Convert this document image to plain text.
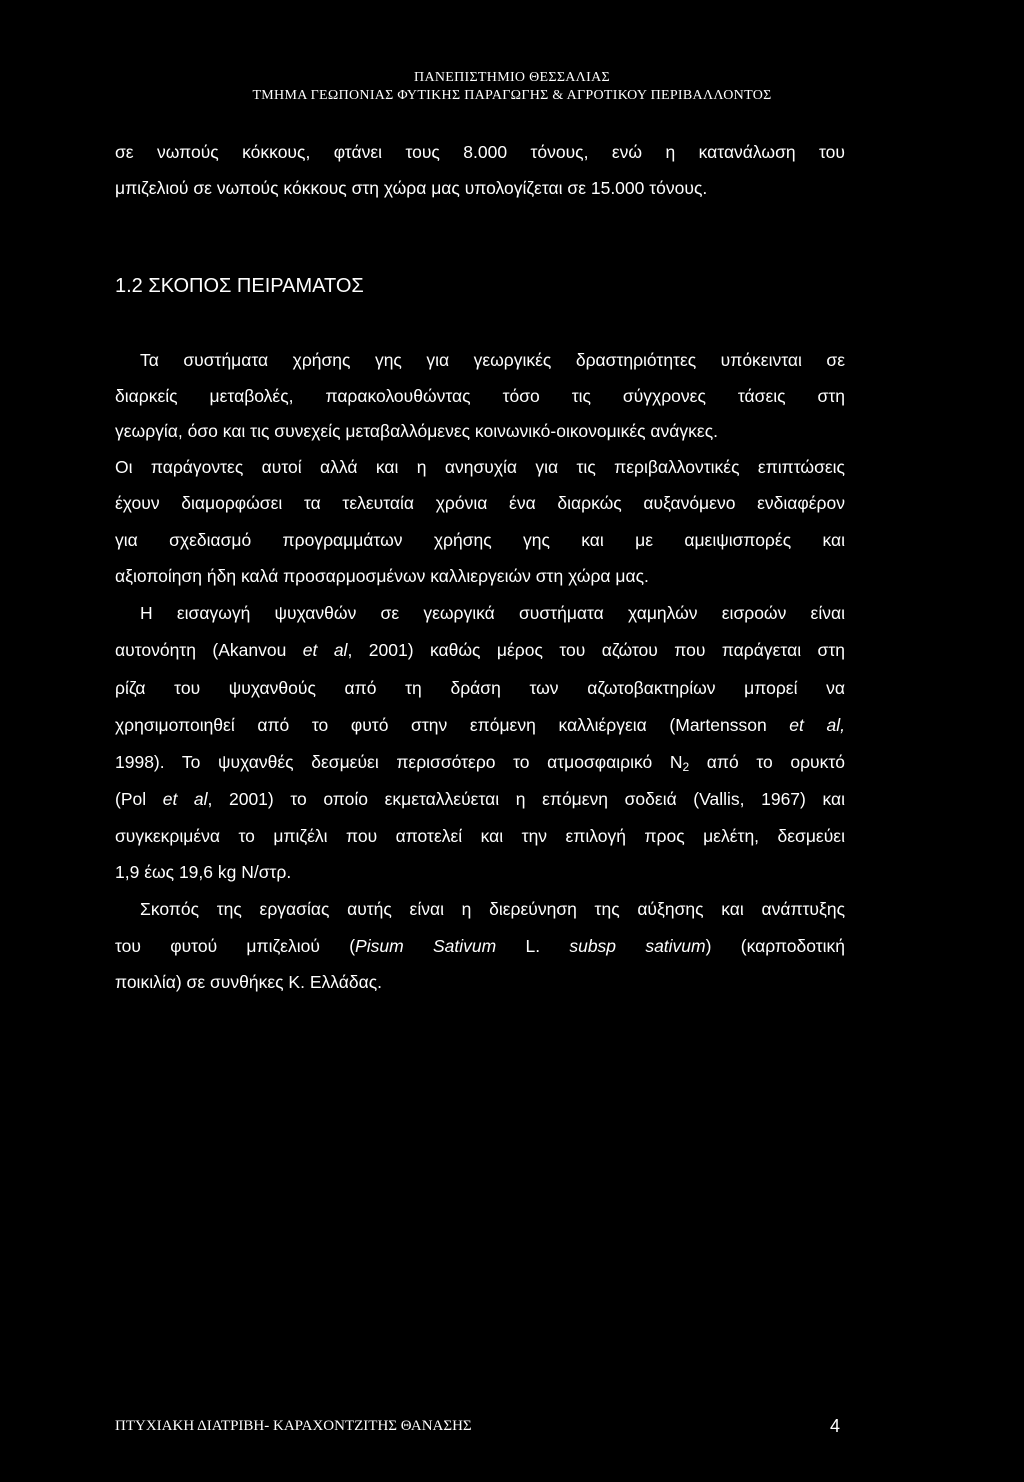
ΠΑΝΕΠΙΣΤΗΜΙΟ ΘΕΣΣΑΛΙΑΣ
ΤΜΗΜΑ ΓΕΩΠΟΝΙΑΣ ΦΥΤΙΚΗΣ ΠΑΡΑΓΩΓΗΣ & ΑΓΡΟΤΙΚΟΥ ΠΕΡΙΒΑΛΛΟΝΤΟΣ
σε νωπούς κόκκους, φτάνει τους 8.000 τόνους, ενώ η κατανάλωση του
μπιζελιού σε νωπούς κόκκους στη χώρα μας υπολογίζεται σε 15.000 τόνους.
1.2 ΣΚΟΠΟΣ ΠΕΙΡΑΜΑΤΟΣ
Τα συστήματα χρήσης γης για γεωργικές δραστηριότητες υπόκεινται σε
διαρκείς μεταβολές, παρακολουθώντας τόσο τις σύγχρονες τάσεις στη
γεωργία, όσο και τις συνεχείς μεταβαλλόμενες κοινωνικό-οικονομικές ανάγκες.
Οι παράγοντες αυτοί αλλά και η ανησυχία για τις περιβαλλοντικές επιπτώσεις
έχουν διαμορφώσει τα τελευταία χρόνια ένα διαρκώς αυξανόμενο ενδιαφέρον
για σχεδιασμό προγραμμάτων χρήσης γης και με αμειψισπορές και
αξιοποίηση ήδη καλά προσαρμοσμένων καλλιεργειών στη χώρα μας.
Η εισαγωγή ψυχανθών σε γεωργικά συστήματα χαμηλών εισροών είναι
αυτονόητη (Akanvou et al, 2001) καθώς μέρος του αζώτου που παράγεται στη
ρίζα του ψυχανθούς από τη δράση των αζωτοβακτηρίων μπορεί να
χρησιμοποιηθεί από το φυτό στην επόμενη καλλιέργεια (Martensson et al,
1998). Το ψυχανθές δεσμεύει περισσότερο το ατμοσφαιρικό $N_2$ από το ορυκτό
(Pol et al, 2001) το οποίο εκμεταλλεύεται η επόμενη σοδειά (Vallis, 1967) και
συγκεκριμένα το μπιζέλι που αποτελεί και την επιλογή προς μελέτη, δεσμεύει
1,9 έως 19,6 kg N/στρ.
Σκοπός της εργασίας αυτής είναι η διερεύνηση της αύξησης και ανάπτυξης
του φυτού μπιζελιού (Pisum Sativum L. subsp sativum) (καρποδοτική
ποικιλία) σε συνθήκες Κ. Ελλάδας.
ΠΤΥΧΙΑΚΗ ΔΙΑΤΡΙΒΗ- ΚΑΡΑΧΟΝΤΖΙΤΗΣ ΘΑΝΑΣΗΣ	4
